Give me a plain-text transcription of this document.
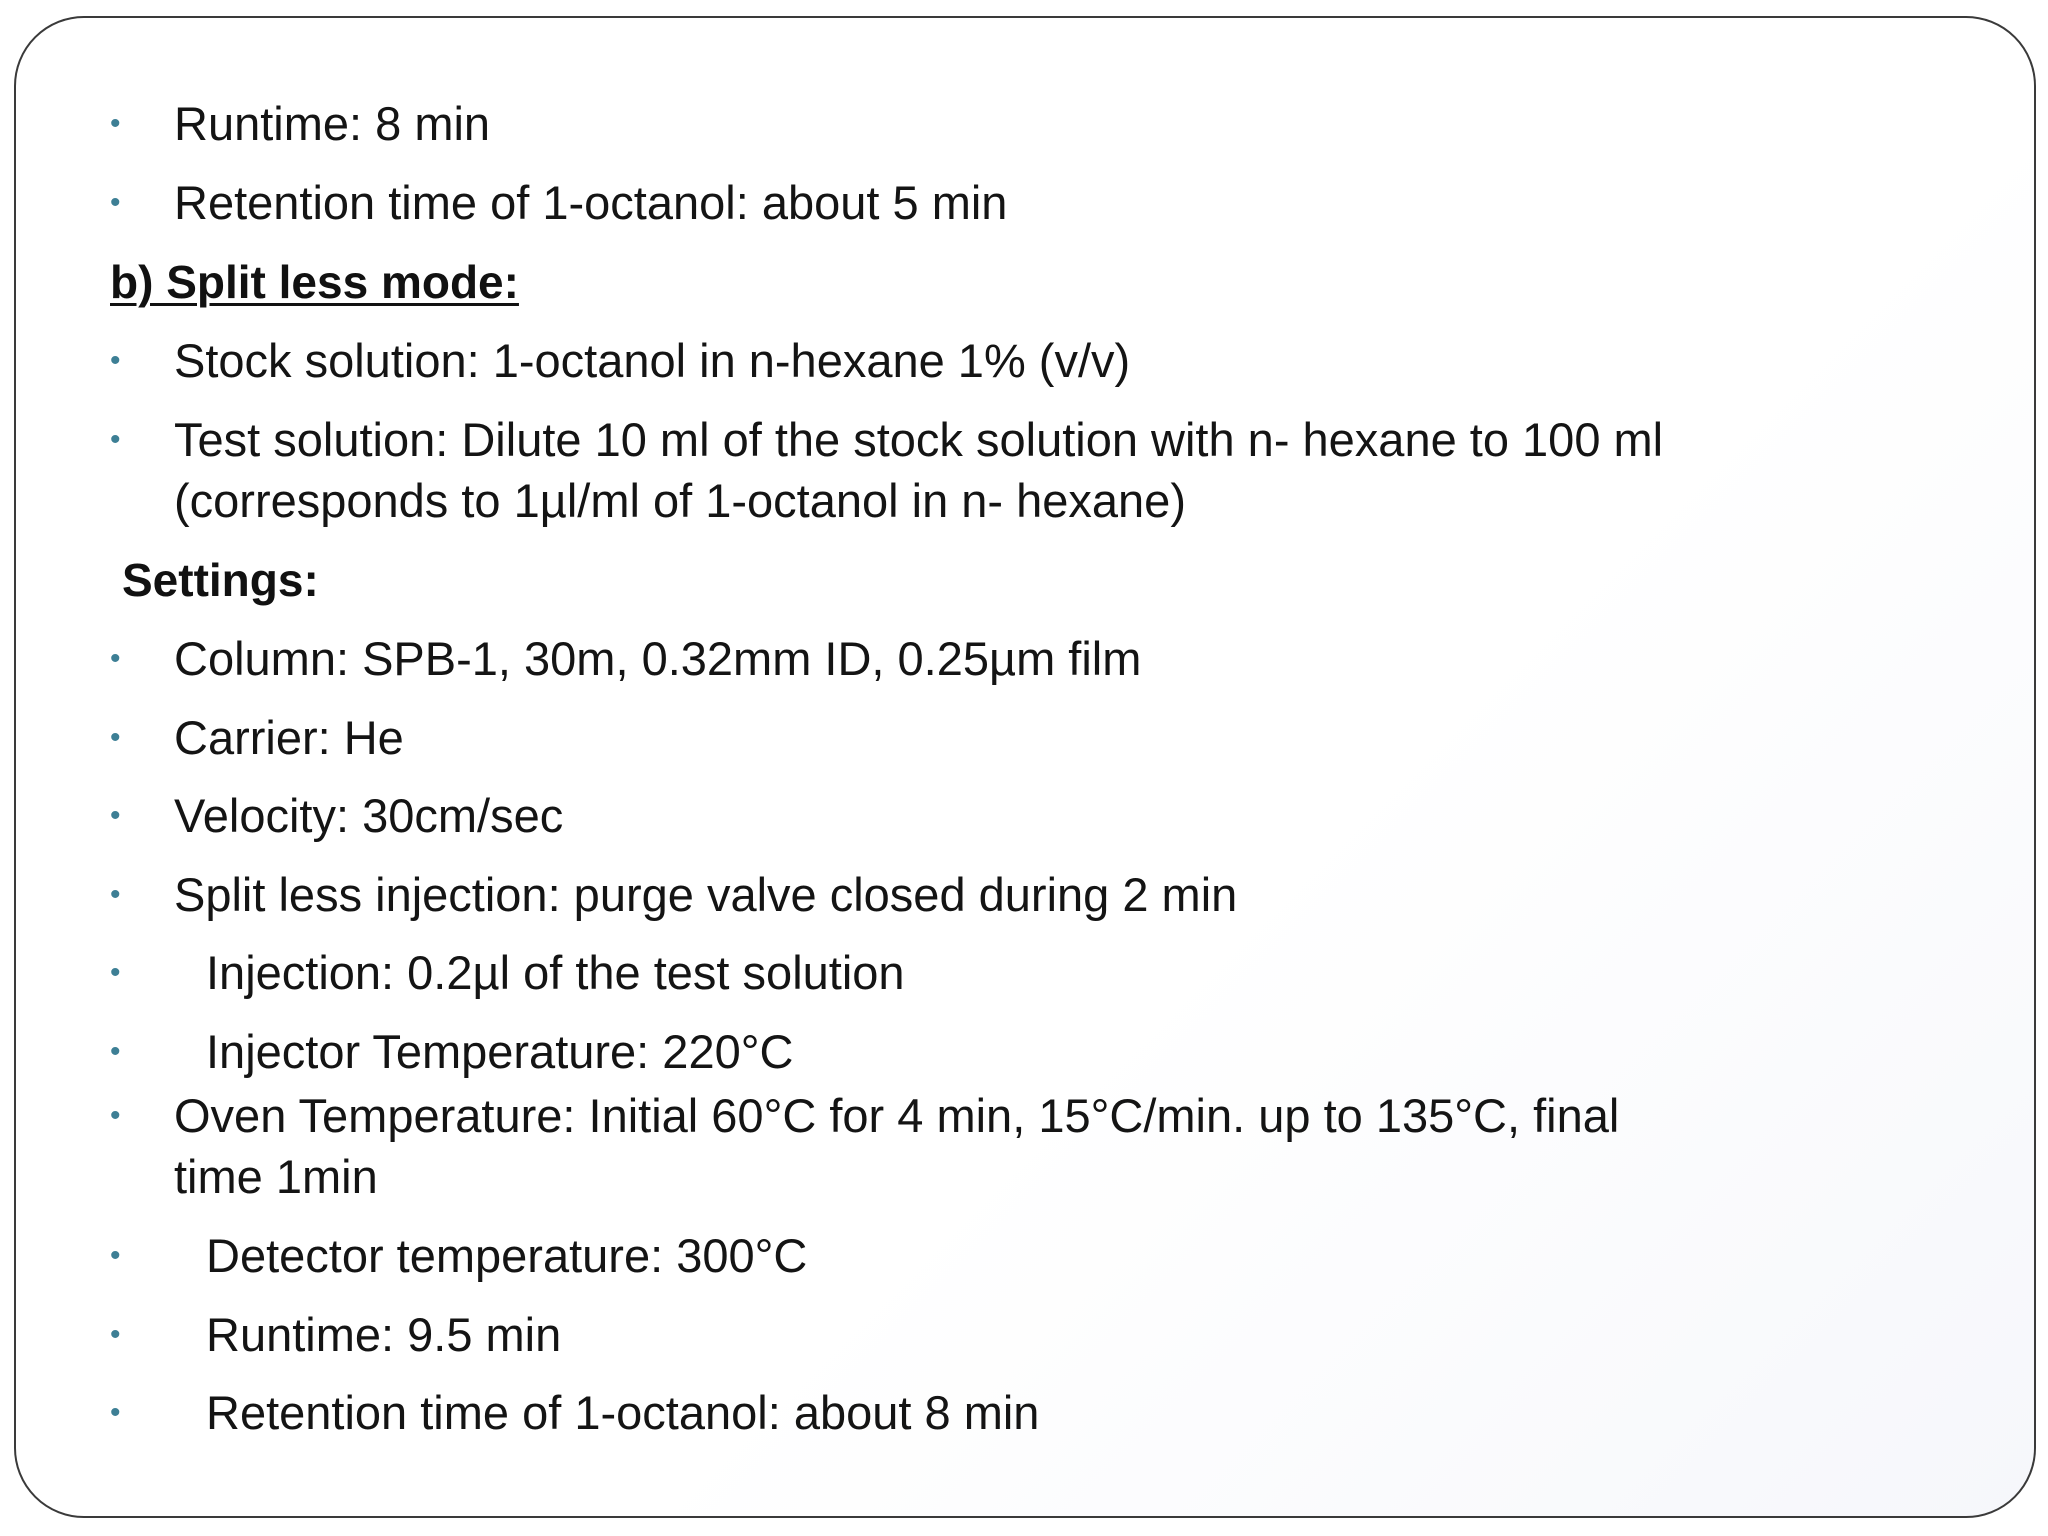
• Runtime: 8 min
• Retention time of 1-octanol: about 5 min
b) Split less mode:
• Stock solution: 1-octanol in n-hexane 1% (v/v)
• Test solution: Dilute 10 ml of the stock solution with n- hexane to 100 ml
(corresponds to 1µl/ml of 1-octanol in n- hexane)
Settings:
• Column: SPB-1, 30m, 0.32mm ID, 0.25µm film
• Carrier: He
• Velocity: 30cm/sec
• Split less injection: purge valve closed during 2 min
• Injection: 0.2µl of the test solution
• Injector Temperature: 220°C
• Oven Temperature: Initial 60°C for 4 min, 15°C/min. up to 135°C, final
time 1min
• Detector temperature: 300°C
• Runtime: 9.5 min
• Retention time of 1-octanol: about 8 min
